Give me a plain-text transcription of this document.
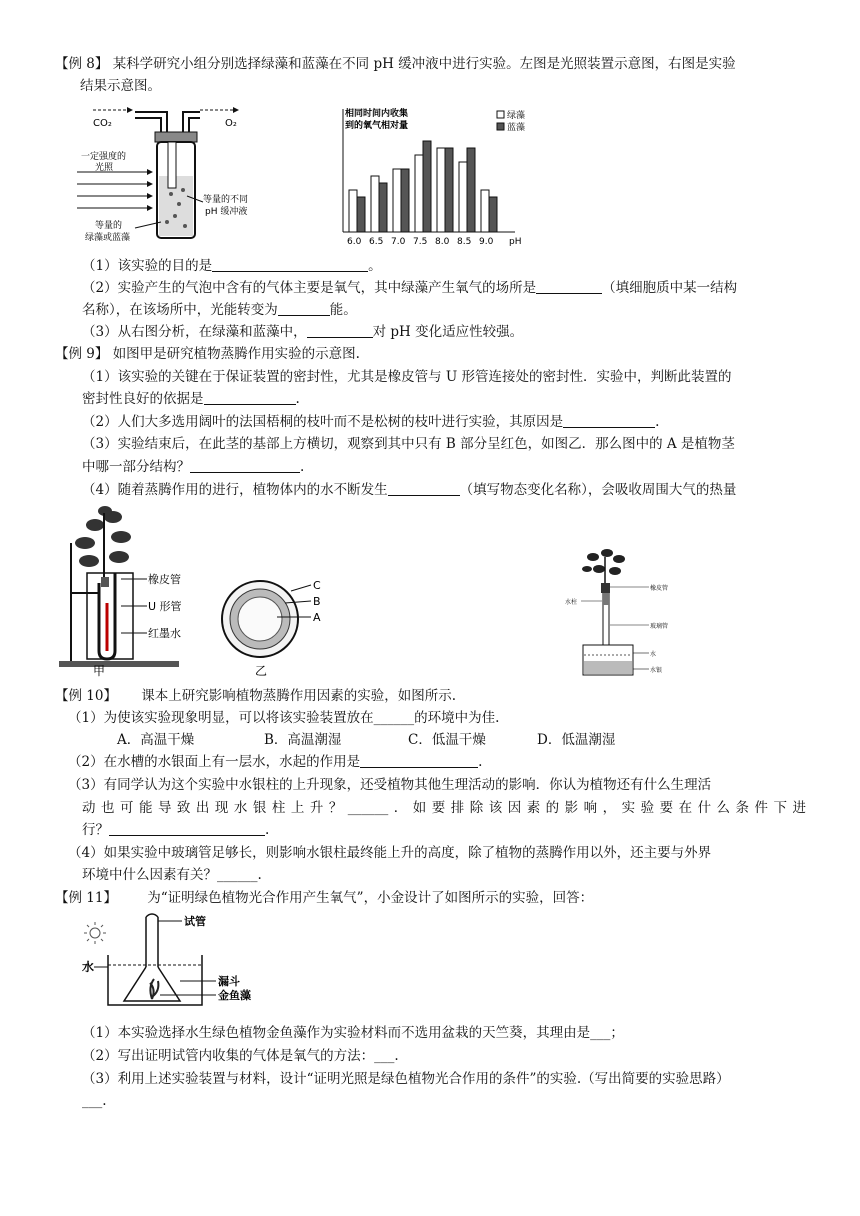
【例 8】 某科学研究小组分别选择绿藻和蓝藻在不同 pH 缓冲液中进行实验。左图是光照装置示意图，右图是实验
结果示意图。
CO₂	O₂
一定强度的
光照
等量的不同
pH 缓冲液
等量的
绿藻或蓝藻
相同时间内收集
到的氧气相对量
绿藻
蓝藻
6.0 6.5 7.0 7.5 8.0 8.5 9.0 pH
（1）该实验的目的是	。
（2）实验产生的气泡中含有的气体主要是氧气，其中绿藻产生氧气的场所是	（填细胞质中某一结构
名称），在该场所中，光能转变为	能。
（3）从右图分析，在绿藻和蓝藻中，	对 pH 变化适应性较强。
【例 9】 如图甲是研究植物蒸腾作用实验的示意图.
（1）该实验的关键在于保证装置的密封性，尤其是橡皮管与 U 形管连接处的密封性．实验中，判断此装置的
密封性良好的依据是	.
（2）人们大多选用阔叶的法国梧桐的枝叶而不是松树的枝叶进行实验，其原因是	.
（3）实验结束后，在此茎的基部上方横切，观察到其中只有 B 部分呈红色，如图乙．那么图中的 A 是植物茎
中哪一部分结构？	.
（4）随着蒸腾作用的进行，植物体内的水不断发生	（填写物态变化名称），会吸收周围大气的热量
橡皮管
U 形管
红墨水
甲
C
B
A
乙
橡皮管
水柱
玻璃管
水
水银
【例 10】 课本上研究影响植物蒸腾作用因素的实验，如图所示.
（1）为使该实验现象明显，可以将该实验装置放在______的环境中为佳.
A．高温干燥	B．高温潮湿	C．低温干燥	D．低温潮湿
（2）在水槽的水银面上有一层水，水起的作用是	.
（3）有同学认为这个实验中水银柱的上升现象，还受植物其他生理活动的影响．你认为植物还有什么生理活
动也可能导致出现水银柱上升？______．如要排除该因素的影响，实验要在什么条件下进
行？	.
（4）如果实验中玻璃管足够长，则影响水银柱最终能上升的高度，除了植物的蒸腾作用以外，还主要与外界
环境中什么因素有关？______.
【例 11】 为“证明绿色植物光合作用产生氧气”，小金设计了如图所示的实验，回答：
试管
水
漏斗
金鱼藻
（1）本实验选择水生绿色植物金鱼藻作为实验材料而不选用盆栽的天竺葵，其理由是___；
（2）写出证明试管内收集的气体是氧气的方法：___.
（3）利用上述实验装置与材料，设计“证明光照是绿色植物光合作用的条件”的实验.（写出简要的实验思路）
___.
